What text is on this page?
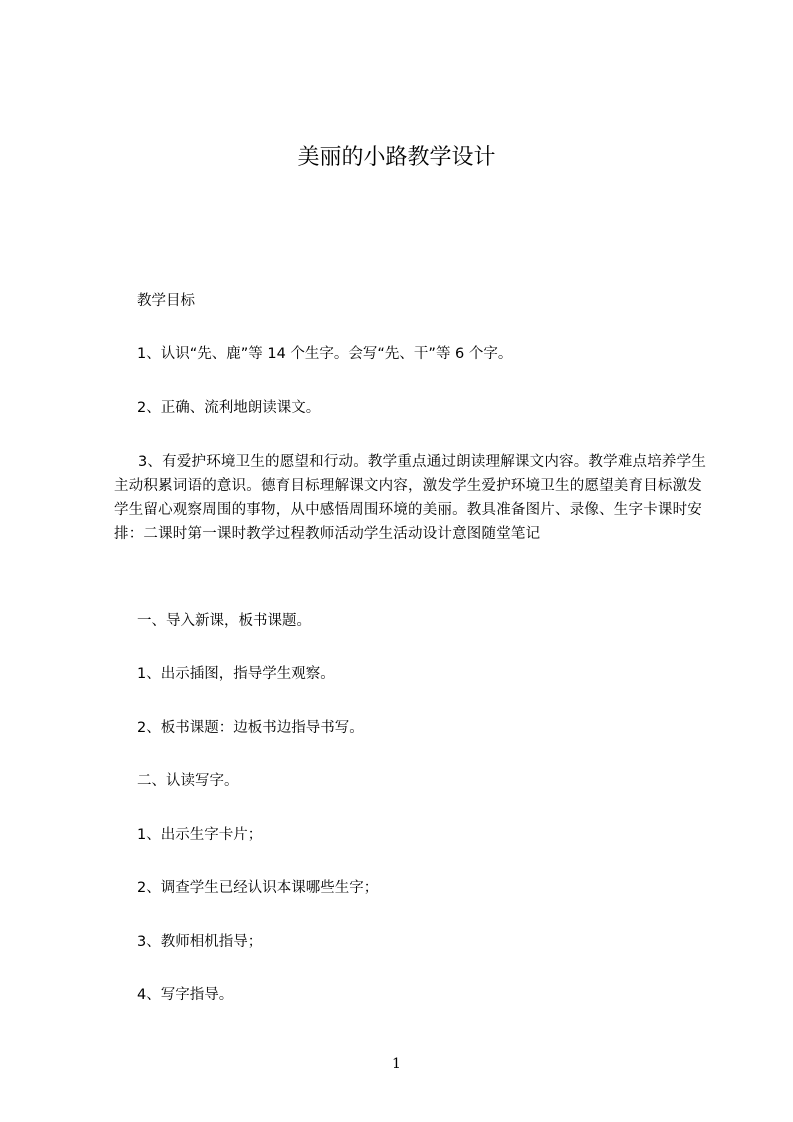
美丽的小路教学设计

教学目标

1、认识“先、鹿”等 14 个生字。会写“先、干”等 6 个字。

2、正确、流利地朗读课文。

3、有爱护环境卫生的愿望和行动。教学重点通过朗读理解课文内容。教学难点培养学生主动积累词语的意识。德育目标理解课文内容，激发学生爱护环境卫生的愿望美育目标激发学生留心观察周围的事物，从中感悟周围环境的美丽。教具准备图片、录像、生字卡课时安排：二课时第一课时教学过程教师活动学生活动设计意图随堂笔记

一、导入新课，板书课题。

1、出示插图，指导学生观察。

2、板书课题：边板书边指导书写。

二、认读写字。

1、出示生字卡片；

2、调查学生已经认识本课哪些生字；

3、教师相机指导；

4、写字指导。

1
